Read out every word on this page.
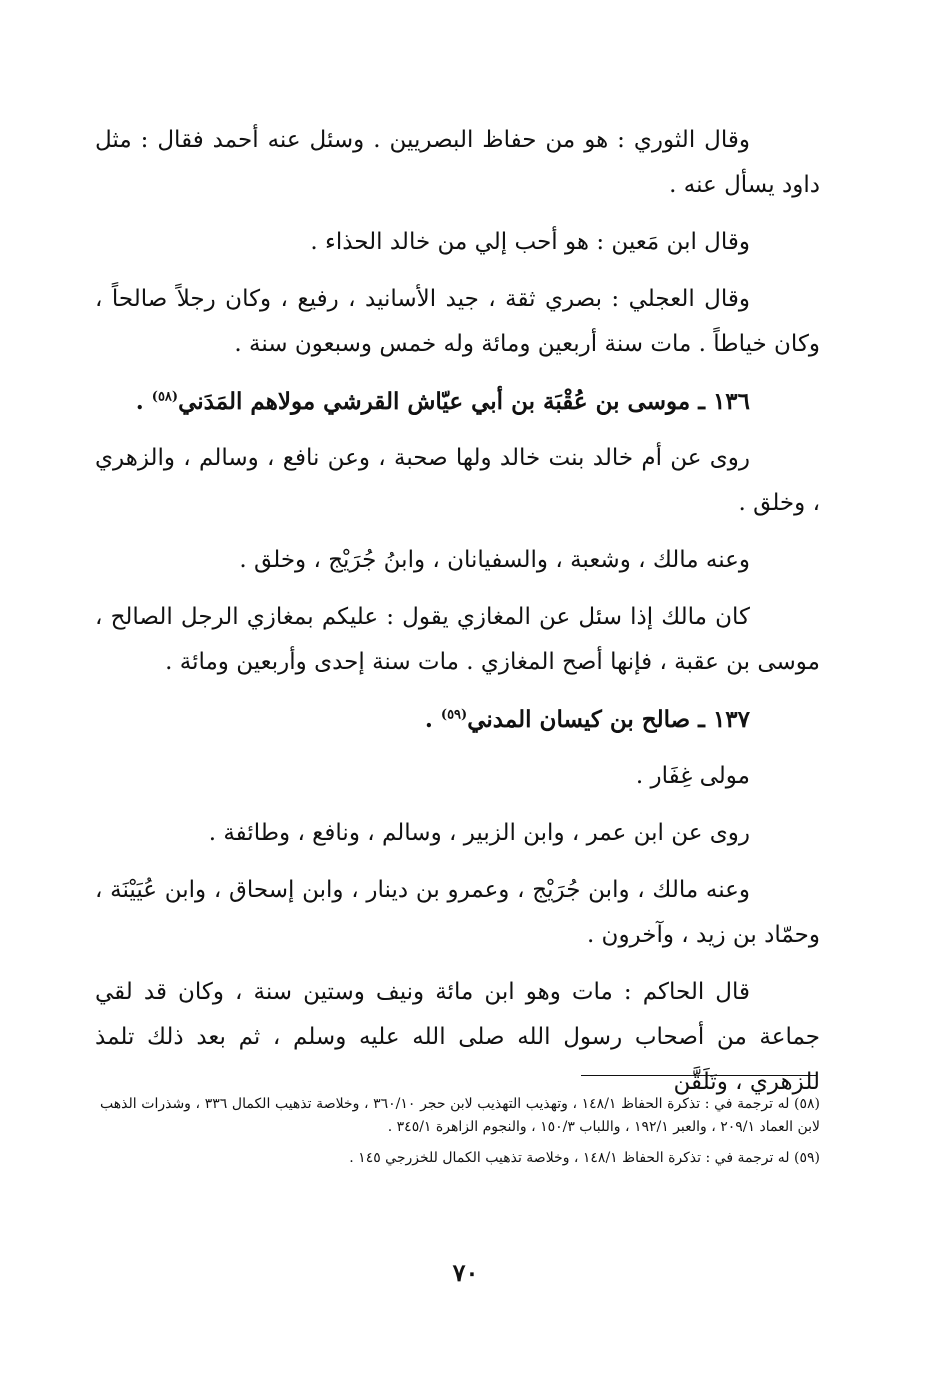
وقال الثوري : هو من حفاظ البصريين . وسئل عنه أحمد فقال : مثل داود يسأل عنه .

وقال ابن مَعين : هو أحب إلي من خالد الحذاء .

وقال العجلي : بصري ثقة ، جيد الأسانيد ، رفيع ، وكان رجلاً صالحاً ، وكان خياطاً . مات سنة أربعين ومائة وله خمس وسبعون سنة .

١٣٦ ـ موسى بن عُقْبَة بن أبي عيّاش القرشي مولاهم المَدَني$^{(٥٨)}$ .

روى عن أم خالد بنت خالد ولها صحبة ، وعن نافع ، وسالم ، والزهري ، وخلق .

وعنه مالك ، وشعبة ، والسفيانان ، وابنُ جُرَيْج ، وخلق .

كان مالك إذا سئل عن المغازي يقول : عليكم بمغازي الرجل الصالح ، موسى بن عقبة ، فإنها أصح المغازي . مات سنة إحدى وأربعين ومائة .

١٣٧ ـ صالح بن كيسان المدني$^{(٥٩)}$ .

مولى غِفَار .

روى عن ابن عمر ، وابن الزبير ، وسالم ، ونافع ، وطائفة .

وعنه مالك ، وابن جُرَيْج ، وعمرو بن دينار ، وابن إسحاق ، وابن عُيَيْنَة ، وحمّاد بن زيد ، وآخرون .

قال الحاكم : مات وهو ابن مائة ونيف وستين سنة ، وكان قد لقي جماعة من أصحاب رسول الله صلى الله عليه وسلم ، ثم بعد ذلك تلمذ للزهري ، وتَلَقَّن

(٥٨) له ترجمة في : تذكرة الحفاظ ١٤٨/١ ، وتهذيب التهذيب لابن حجر ٣٦٠/١٠ ، وخلاصة تذهيب الكمال ٣٣٦ ، وشذرات الذهب لابن العماد ٢٠٩/١ ، والعبر ١٩٢/١ ، واللباب ١٥٠/٣ ، والنجوم الزاهرة ٣٤٥/١ .

(٥٩) له ترجمة في : تذكرة الحفاظ ١٤٨/١ ، وخلاصة تذهيب الكمال للخزرجي ١٤٥ .

٧٠
